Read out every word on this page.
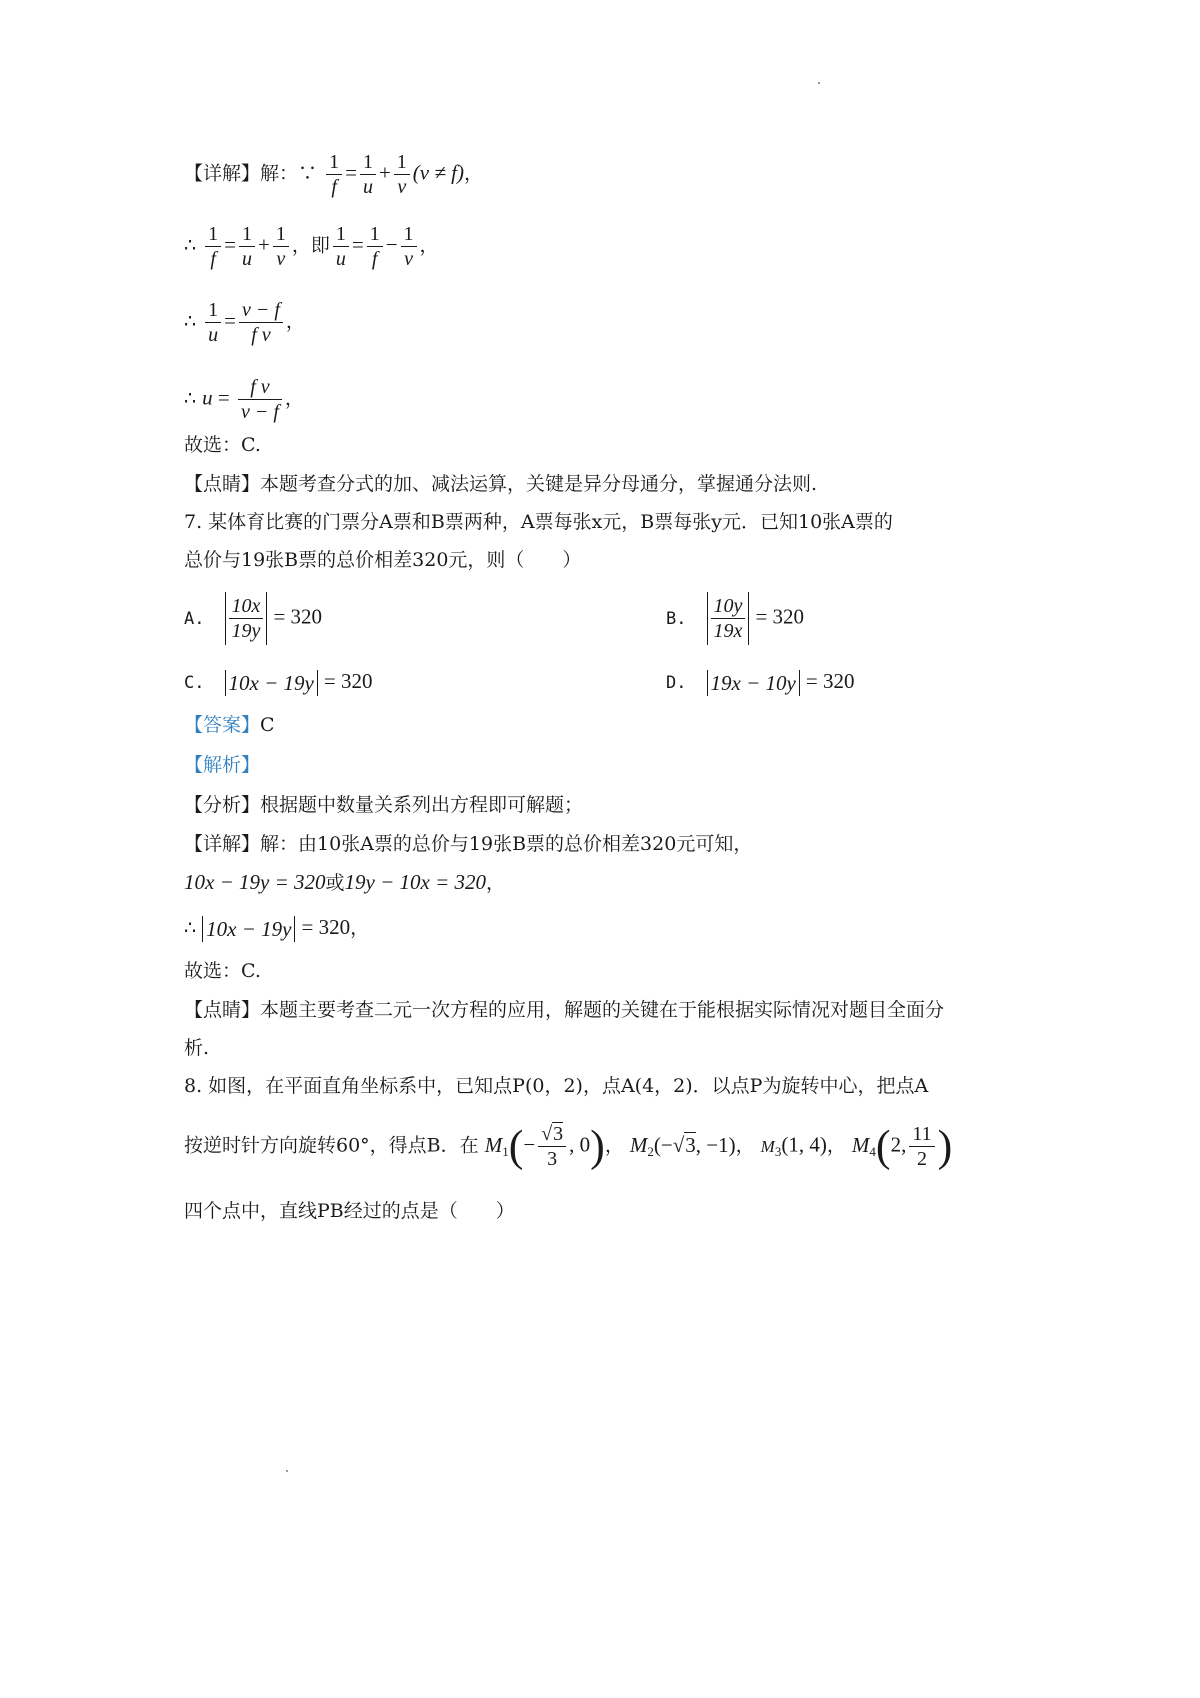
【详解】解：∵ $\frac{1}{f} = \frac{1}{u} + \frac{1}{v} (v \ne f)$，
∴ $\frac{1}{f} = \frac{1}{u} + \frac{1}{v}$ ，即 $\frac{1}{u} = \frac{1}{f} - \frac{1}{v}$ ，
∴ $\frac{1}{u} = \frac{v - f}{\text{f v}}$ ，
∴ $u = \frac{\text{f v}}{v - f}$ ，
故选：C.
【点睛】本题考查分式的加、减法运算，关键是异分母通分，掌握通分法则.
7. 某体育比赛的门票分A票和B票两种，A票每张x元，B票每张y元．已知10张A票的
总价与19张B票的总价相差320元，则（　　）
A. $\frac{10x}{19y} = 320$	B. $\frac{10y}{19x} = 320$
C. 10x − 19y = 320	D. 19x − 10y = 320
【答案】C
【解析】
【分析】根据题中数量关系列出方程即可解题；
【详解】解：由10张A票的总价与19张B票的总价相差320元可知，
10x − 19y = 320或19y − 10x = 320，
∴ 10x − 19y = 320，
故选：C.
【点睛】本题主要考查二元一次方程的应用，解题的关键在于能根据实际情况对题目全面分
析.
8. 如图，在平面直角坐标系中，已知点P(0，2)，点A(4，2)．以点P为旋转中心，把点A
按逆时针方向旋转60°，得点B．在 $M_1(- \frac{√3}{3}$ , 0)， $M_2(-√3$, −1)， $M_3(1$, 4)， $M_4(2$, $\frac{11}{2}$ )
四个点中，直线PB经过的点是（　　）
